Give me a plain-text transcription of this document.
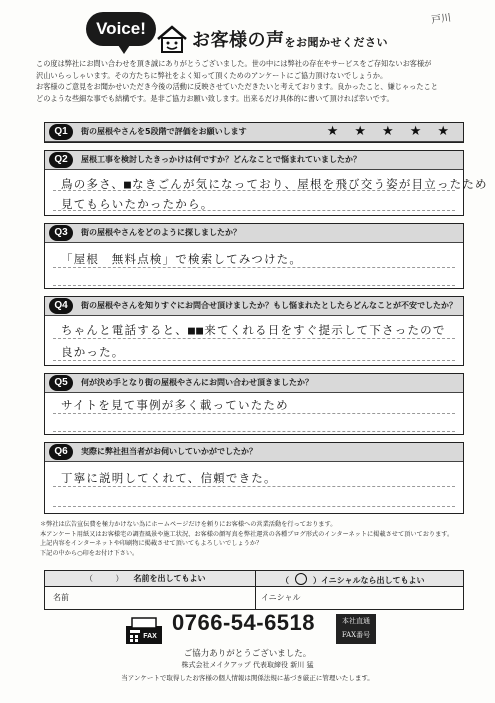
Voice!
お客様の声をお聞かせください
戸川

この度は弊社にお問い合わせを頂き誠にありがとうございました。世の中には弊社の存在やサービスをご存知ないお客様が

沢山いらっしゃいます。その方たちに弊社をよく知って頂くためのアンケートにご協力頂けないでしょうか。

お客様のご意見をお聞かせいただき今後の活動に反映させていただきたいと考えております。良かったこと、嫌じゃったこと

どのような些細な事でも結構です。是非ご協力お願い致します。出来るだけ具体的に書いて頂ければ幸いです。

Q1	街の屋根やさんを5段階で評価をお願いします	★ ★ ★ ★ ★
Q2	屋根工事を検討したきっかけは何ですか？どんなことで悩まれていましたか？
鳥の多さ、■なきごんが気になっており、屋根を飛び交う姿が目立ったため
見てもらいたかったから。
Q3	街の屋根やさんをどのように探しましたか？
「屋根　無料点検」で検索してみつけた。
Q4	街の屋根やさんを知りすぐにお問合せ頂けましたか？もし悩まれたとしたらどんなことが不安でしたか？
ちゃんと電話すると、■■来てくれる日をすぐ提示して下さったので
良かった。
Q5	何が決め手となり街の屋根やさんにお問い合わせ頂きましたか？
サイトを見て事例が多く載っていたため
Q6	実際に弊社担当者がお伺いしていかがでしたか？
丁寧に説明してくれて、信頼できた。

＊弊社は広告宣伝費を極力かけない為にホームページだけを頼りにお客様への営業活動を行っております。

本アンケート用紙又はお客様宅の調査風景や施工状況、お客様の顔写真を弊社運営の各種ブログ形式のインターネットに掲載させて頂いております。

上記内容をインターネットや印刷物に掲載させて頂いてもよろしいでしょうか？

下記の中から○印をお付け下さい。

（ ）名前を出してもよい	（	）イニシャルなら出してもよい
名前	イニシャル
FAX
0766-54-6518	本社直通
FAX番号
ご協力ありがとうございました。
株式会社メイクアップ 代表取締役 新川 猛
当アンケートで取得したお客様の個人情報は関係法規に基づき厳正に管理いたします。
